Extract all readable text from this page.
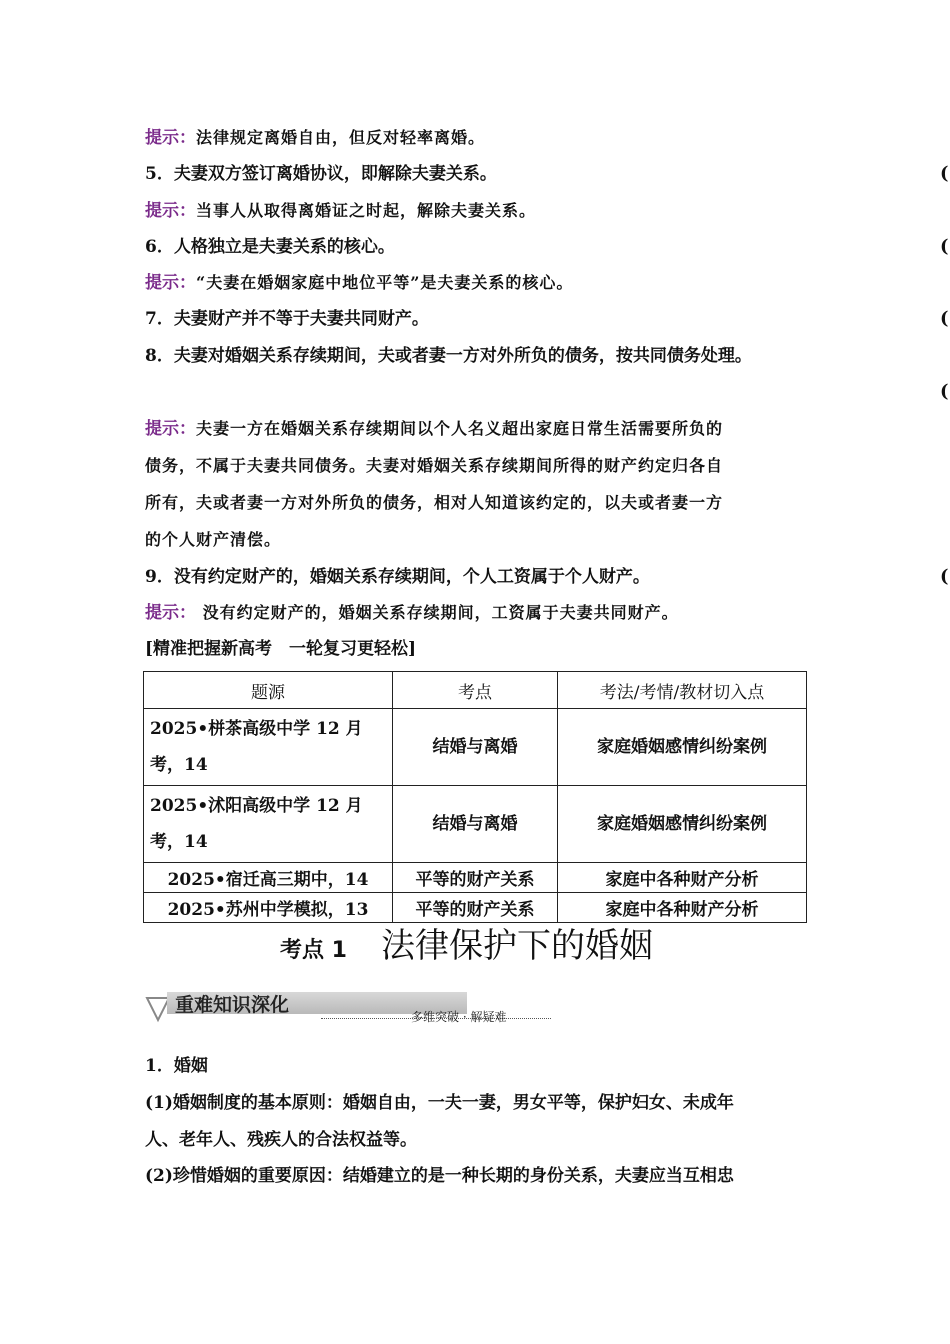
提示：法律规定离婚自由，但反对轻率离婚。
5．夫妻双方签订离婚协议，即解除夫妻关系。	(
提示：当事人从取得离婚证之时起，解除夫妻关系。
6．人格独立是夫妻关系的核心。	(
提示：“夫妻在婚姻家庭中地位平等”是夫妻关系的核心。
7．夫妻财产并不等于夫妻共同财产。	(
8．夫妻对婚姻关系存续期间，夫或者妻一方对外所负的债务，按共同债务处理。
(
提示：夫妻一方在婚姻关系存续期间以个人名义超出家庭日常生活需要所负的
债务，不属于夫妻共同债务。夫妻对婚姻关系存续期间所得的财产约定归各自
所有，夫或者妻一方对外所负的债务，相对人知道该约定的，以夫或者妻一方
的个人财产清偿。
9．没有约定财产的，婚姻关系存续期间，个人工资属于个人财产。	(
提示： 没有约定财产的，婚姻关系存续期间，工资属于夫妻共同财产。
[精准把握新高考　一轮复习更轻松]
题源	考点	考法/考情/教材切入点
2025•栟茶高级中学 12 月考，14	结婚与离婚	家庭婚姻感情纠纷案例
2025•沭阳高级中学 12 月考，14	结婚与离婚	家庭婚姻感情纠纷案例
2025•宿迁高三期中，14	平等的财产关系	家庭中各种财产分析
2025•苏州中学模拟，13	平等的财产关系	家庭中各种财产分析
考点 1 法律保护下的婚姻
重难知识深化
多维突破 · 解疑难
1．婚姻
(1)婚姻制度的基本原则：婚姻自由，一夫一妻，男女平等，保护妇女、未成年
人、老年人、残疾人的合法权益等。
(2)珍惜婚姻的重要原因：结婚建立的是一种长期的身份关系，夫妻应当互相忠
